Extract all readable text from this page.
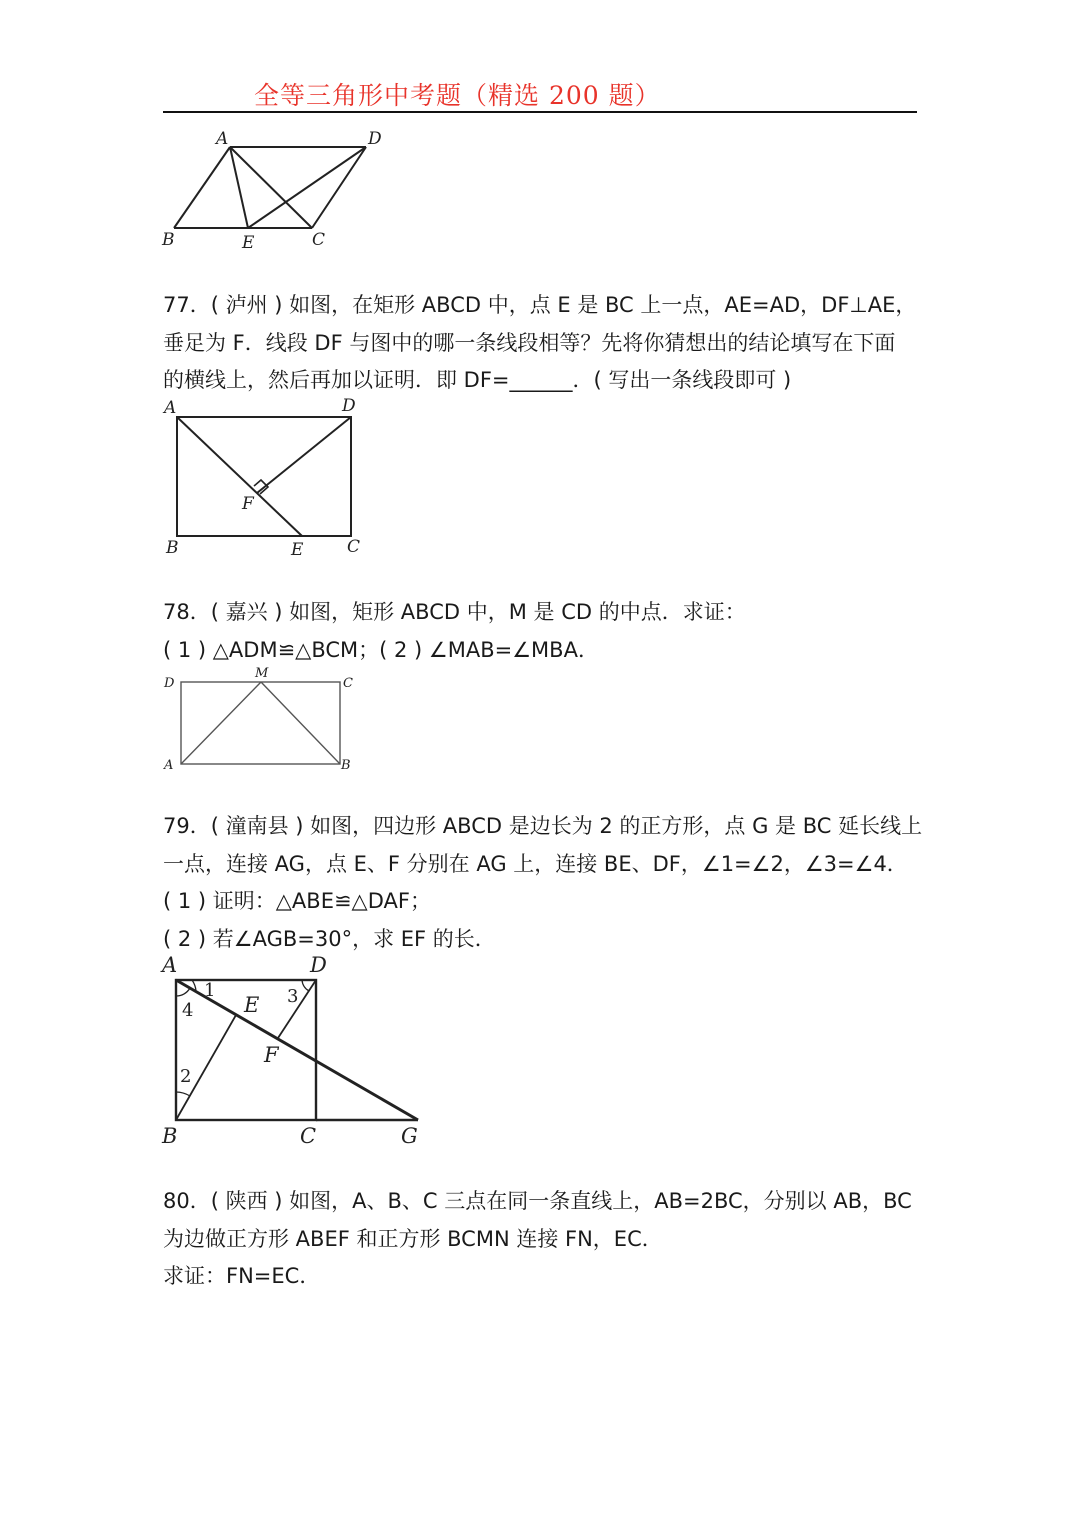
全等三角形中考题（精选 200 题）
A	D
B	E	C
77．( 泸州 ) 如图，在矩形 ABCD 中，点 E 是 BC 上一点，AE=AD，DF⊥AE，
垂足为 F．线段 DF 与图中的哪一条线段相等？先将你猜想出的结论填写在下面
的横线上，然后再加以证明．即 DF=______．( 写出一条线段即可 )
A	D
F
B	E	C
78．( 嘉兴 ) 如图，矩形 ABCD 中，M 是 CD 的中点．求证：
( 1 ) △ADM≌△BCM；( 2 ) ∠MAB=∠MBA．
D
M
C
A	B
79．( 潼南县 ) 如图，四边形 ABCD 是边长为 2 的正方形，点 G 是 BC 延长线上
一点，连接 AG，点 E、F 分别在 AG 上，连接 BE、DF，∠1=∠2，∠3=∠4．
( 1 ) 证明：△ABE≌△DAF；
( 2 ) 若∠AGB=30°，求 EF 的长．
A	D
E
F
B	C	G
1
4
2
3
80．( 陕西 ) 如图，A、B、C 三点在同一条直线上，AB=2BC，分别以 AB，BC
为边做正方形 ABEF 和正方形 BCMN 连接 FN，EC．
求证：FN=EC．
